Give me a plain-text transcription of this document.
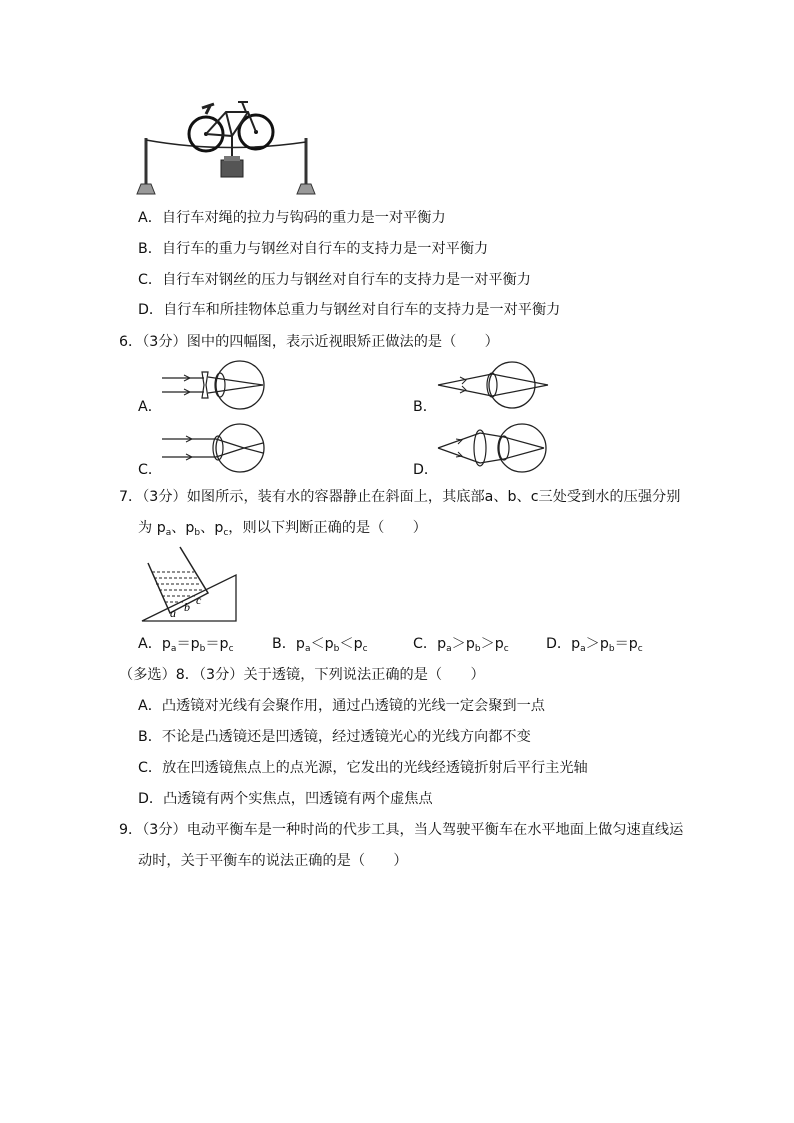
A．自行车对绳的拉力与钩码的重力是一对平衡力
B．自行车的重力与钢丝对自行车的支持力是一对平衡力
C．自行车对钢丝的压力与钢丝对自行车的支持力是一对平衡力
D．自行车和所挂物体总重力与钢丝对自行车的支持力是一对平衡力
6．（3分）图中的四幅图，表示近视眼矫正做法的是（　　）
A．	B．
C．	D．
7．（3分）如图所示，装有水的容器静止在斜面上，其底部a、b、c三处受到水的压强分别
为 $p_a$、$p_b$、$p_c$，则以下判断正确的是（　　）
a b c
A．$p_a=p_b=p_c$	B．$p_a<p_b<p_c$	C．$p_a>p_b>p_c$	D．$p_a>p_b=p_c$
（多选）8．（3分）关于透镜，下列说法正确的是（　　）
A．凸透镜对光线有会聚作用，通过凸透镜的光线一定会聚到一点
B．不论是凸透镜还是凹透镜，经过透镜光心的光线方向都不变
C．放在凹透镜焦点上的点光源，它发出的光线经透镜折射后平行主光轴
D．凸透镜有两个实焦点，凹透镜有两个虚焦点
9．（3分）电动平衡车是一种时尚的代步工具，当人驾驶平衡车在水平地面上做匀速直线运
动时，关于平衡车的说法正确的是（　　）
